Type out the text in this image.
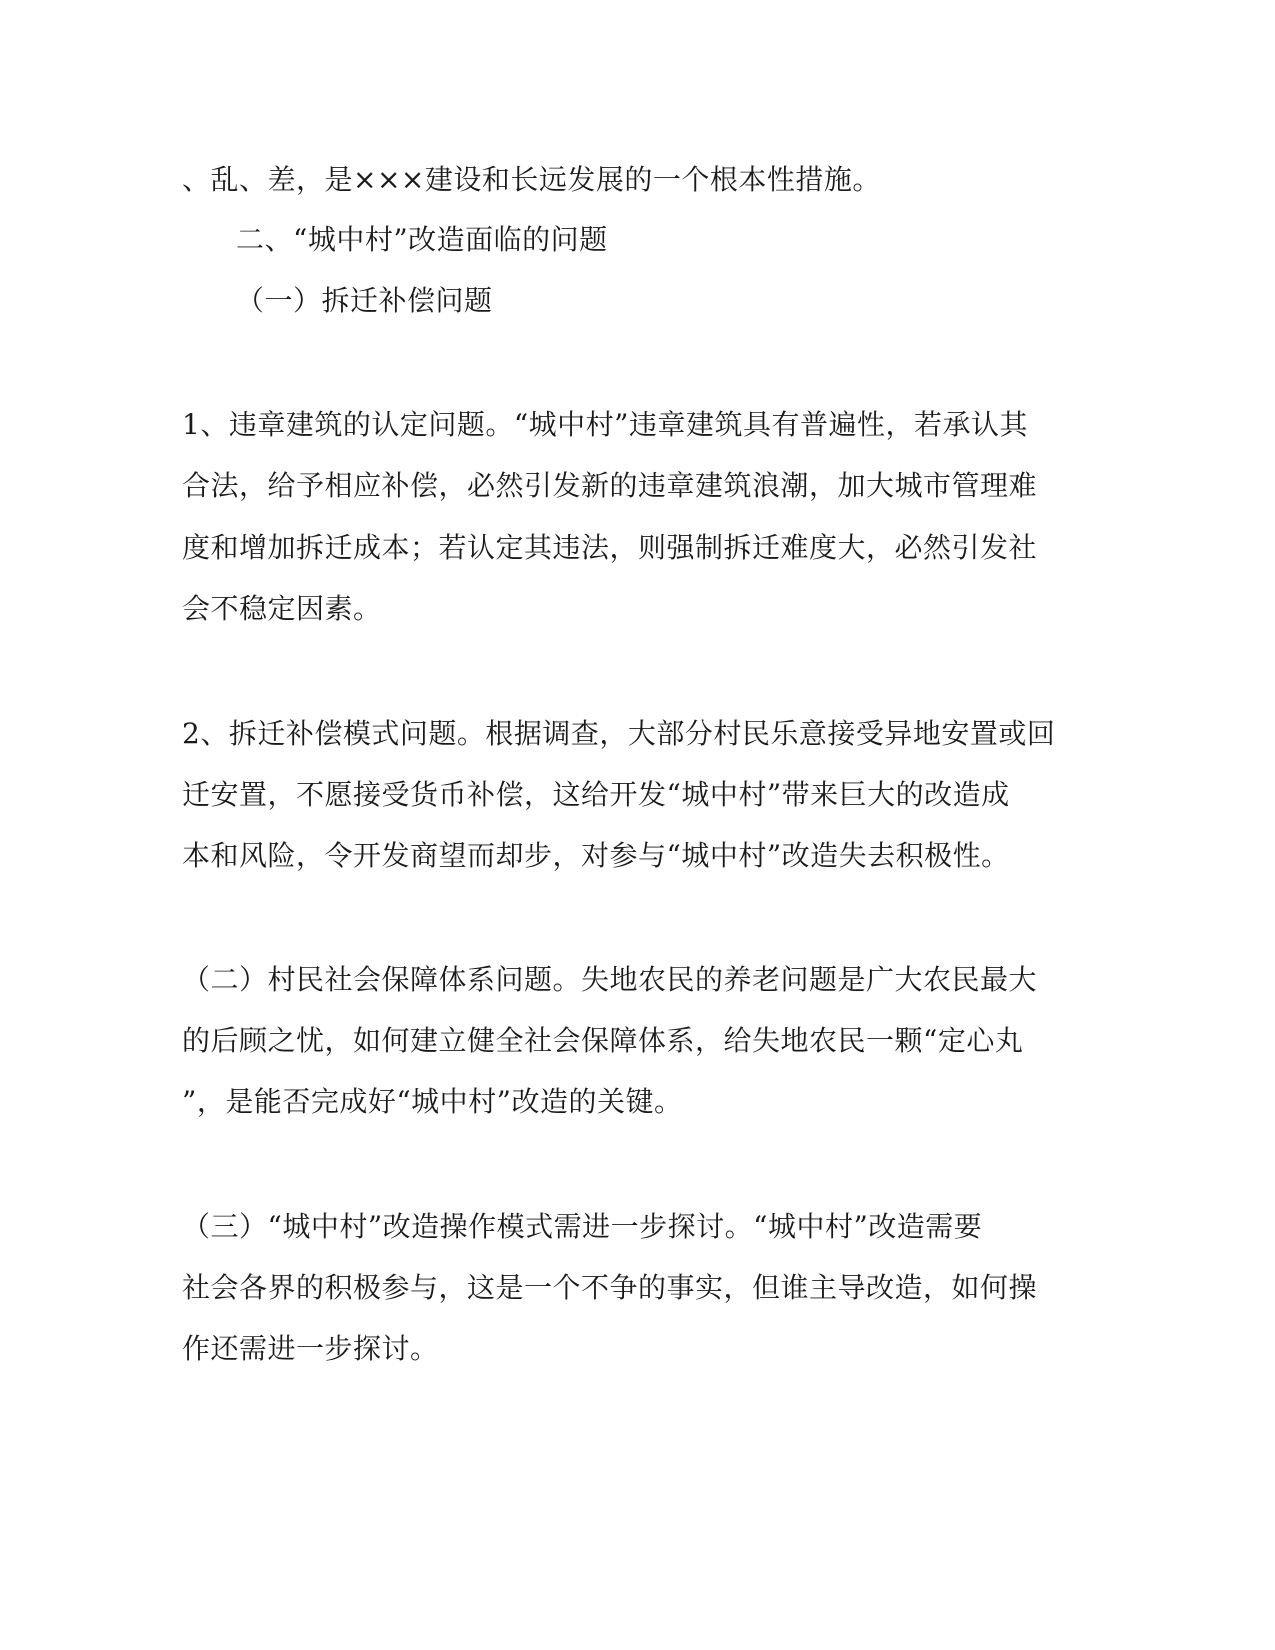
、乱、差，是×××建设和长远发展的一个根本性措施。
二、“城中村”改造面临的问题
（一）拆迁补偿问题
1、违章建筑的认定问题。“城中村”违章建筑具有普遍性，若承认其
合法，给予相应补偿，必然引发新的违章建筑浪潮，加大城市管理难
度和增加拆迁成本；若认定其违法，则强制拆迁难度大，必然引发社
会不稳定因素。
2、拆迁补偿模式问题。根据调查，大部分村民乐意接受异地安置或回
迁安置，不愿接受货币补偿，这给开发“城中村”带来巨大的改造成
本和风险，令开发商望而却步，对参与“城中村”改造失去积极性。
（二）村民社会保障体系问题。失地农民的养老问题是广大农民最大
的后顾之忧，如何建立健全社会保障体系，给失地农民一颗“定心丸
”，是能否完成好“城中村”改造的关键。
（三）“城中村”改造操作模式需进一步探讨。“城中村”改造需要
社会各界的积极参与，这是一个不争的事实，但谁主导改造，如何操
作还需进一步探讨。
